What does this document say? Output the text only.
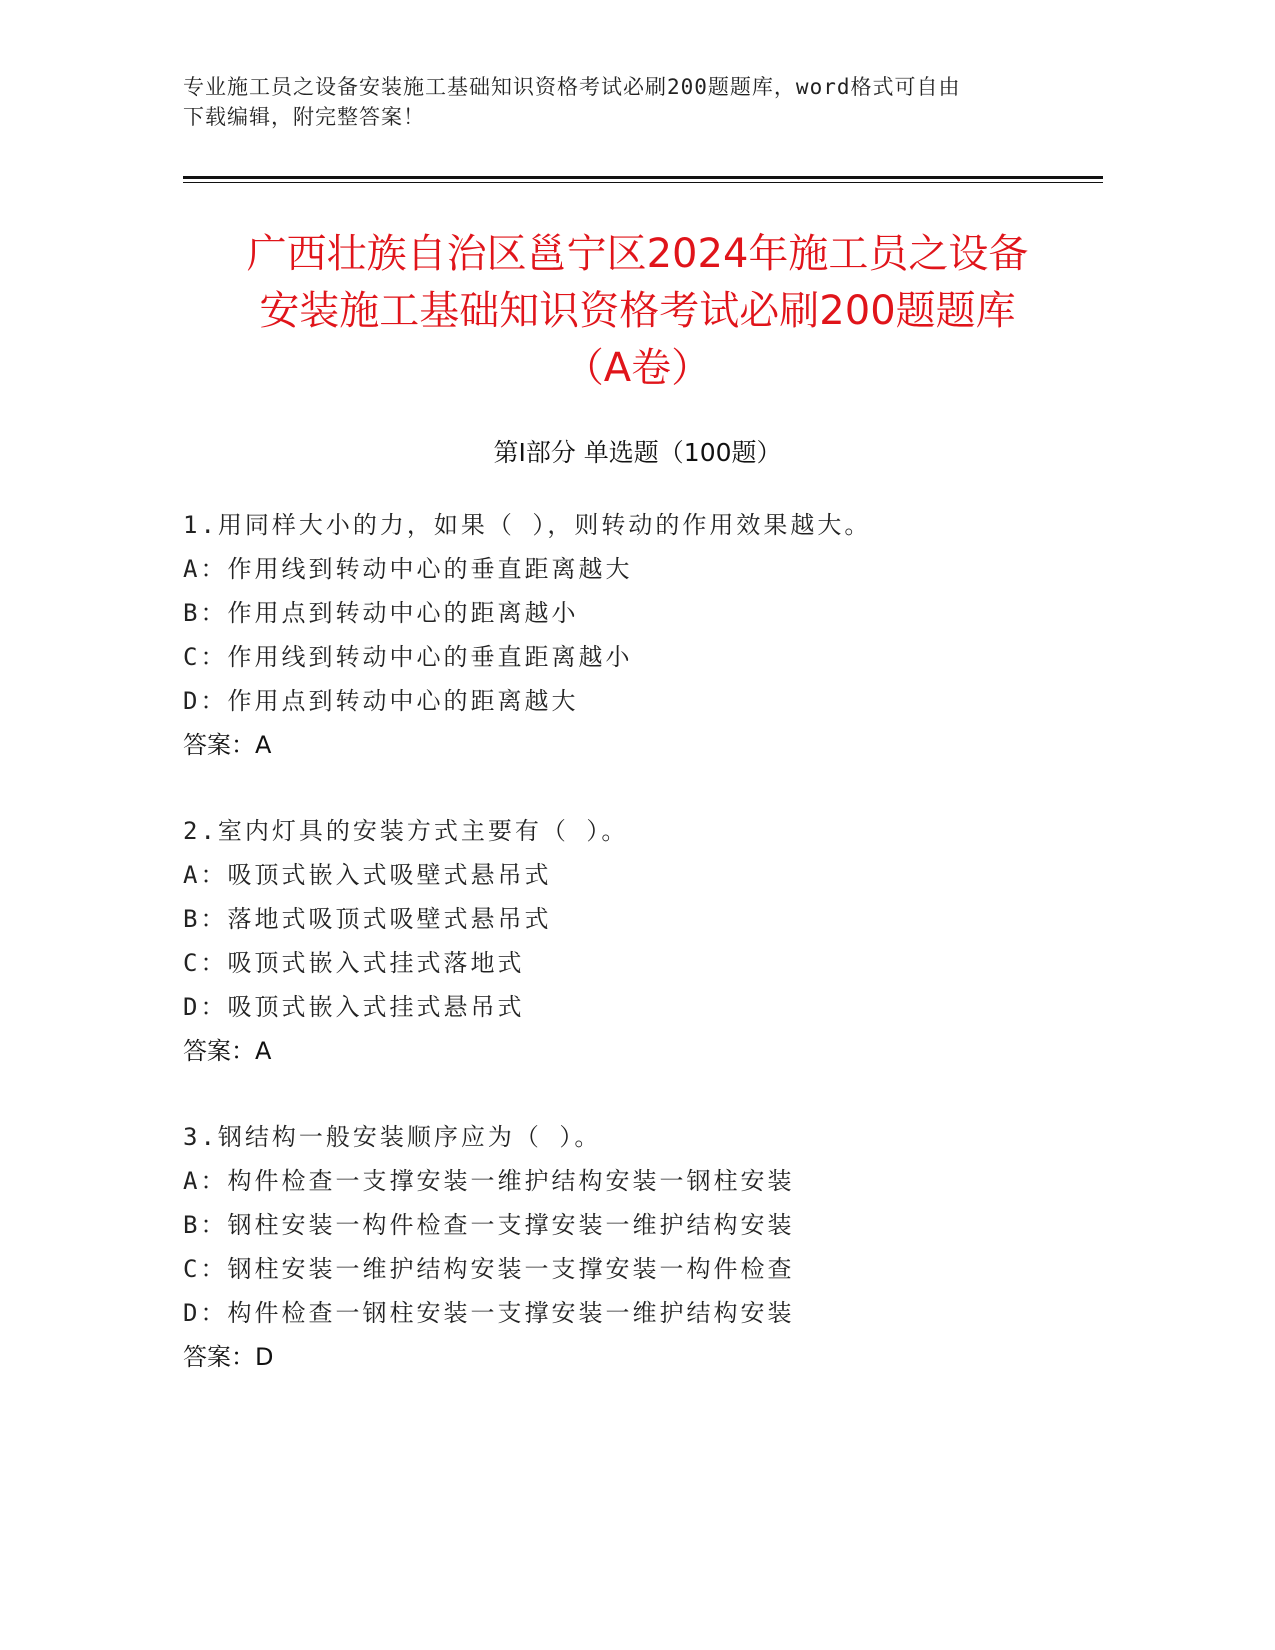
专业施工员之设备安装施工基础知识资格考试必刷200题题库，word格式可自由
下载编辑，附完整答案！
广西壮族自治区邕宁区2024年施工员之设备
安装施工基础知识资格考试必刷200题题库
（A卷）
第I部分 单选题（100题）
1.用同样大小的力，如果（ ），则转动的作用效果越大。
A：作用线到转动中心的垂直距离越大
B：作用点到转动中心的距离越小
C：作用线到转动中心的垂直距离越小
D：作用点到转动中心的距离越大
答案：A
2.室内灯具的安装方式主要有（ ）。
A：吸顶式嵌入式吸壁式悬吊式
B：落地式吸顶式吸壁式悬吊式
C：吸顶式嵌入式挂式落地式
D：吸顶式嵌入式挂式悬吊式
答案：A
3.钢结构一般安装顺序应为（ ）。
A：构件检查一支撑安装一维护结构安装一钢柱安装
B：钢柱安装一构件检查一支撑安装一维护结构安装
C：钢柱安装一维护结构安装一支撑安装一构件检查
D：构件检查一钢柱安装一支撑安装一维护结构安装
答案：D
